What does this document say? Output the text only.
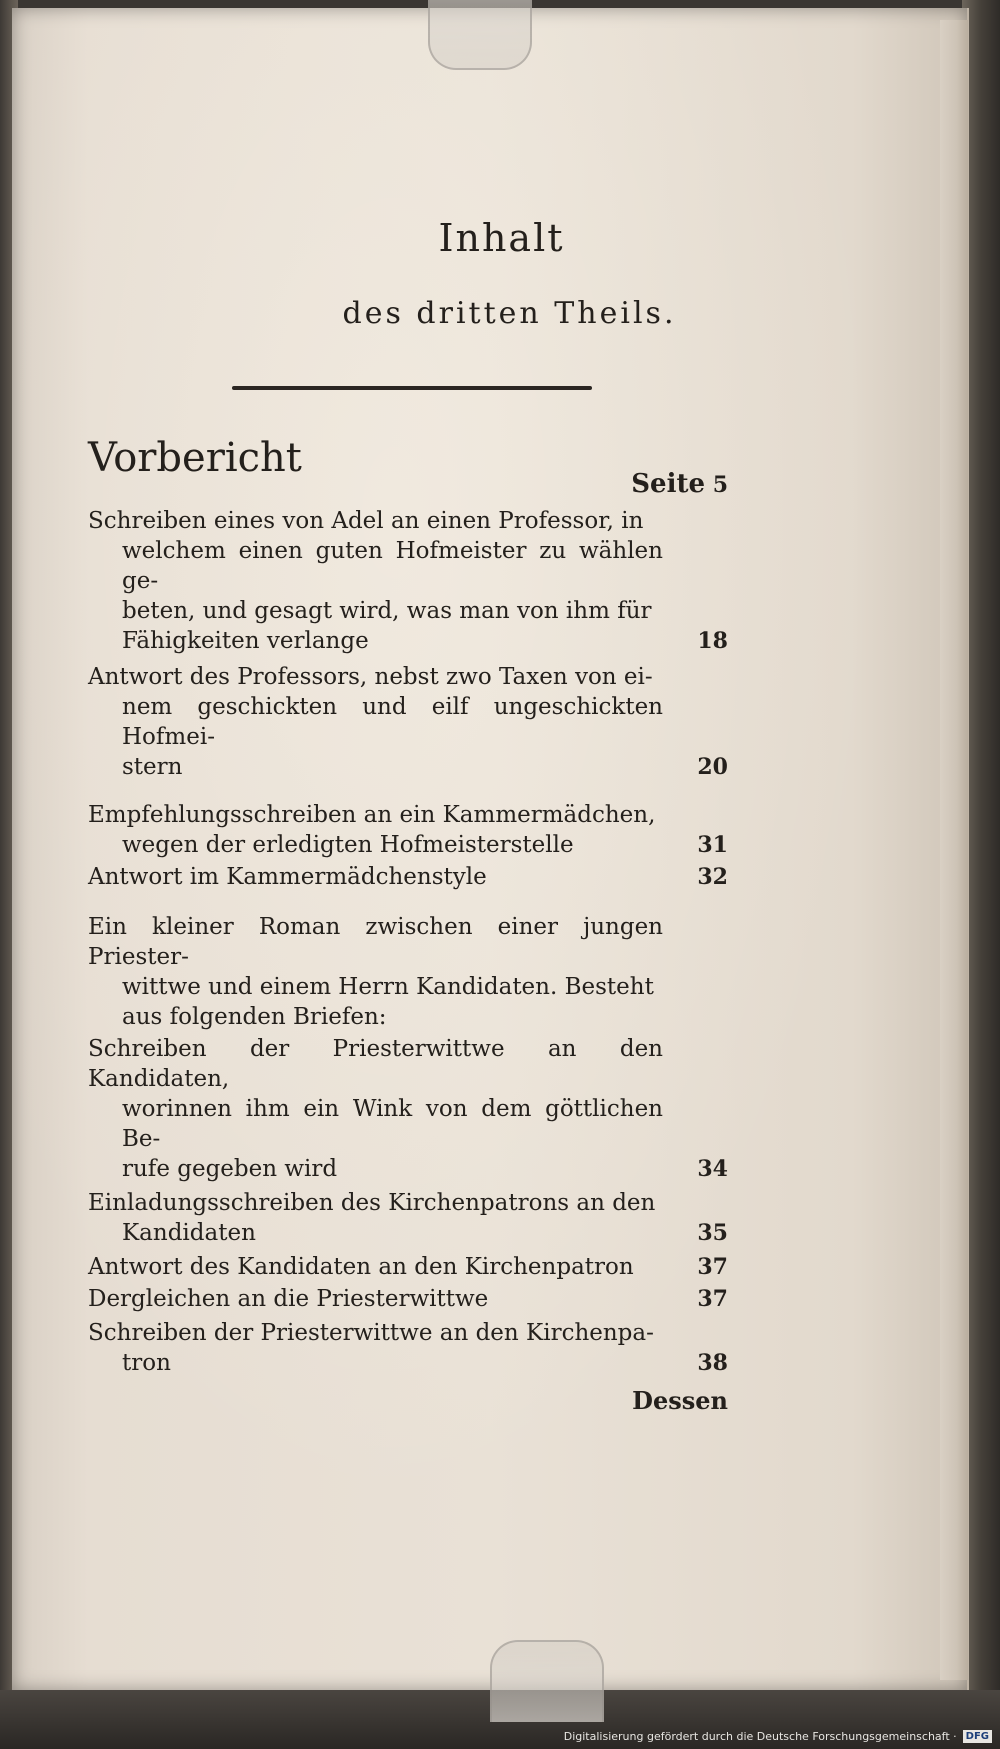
Inhalt
des dritten Theils.
Vorbericht
Seite 5
Schreiben eines von Adel an einen Professor, in
welchem einen guten Hofmeister zu wählen ge-
beten, und gesagt wird, was man von ihm für
Fähigkeiten verlange	18
Antwort des Professors, nebst zwo Taxen von ei-
nem geschickten und eilf ungeschickten Hofmei-
stern	20
Empfehlungsschreiben an ein Kammermädchen,
wegen der erledigten Hofmeisterstelle	31
Antwort im Kammermädchenstyle	32
Ein kleiner Roman zwischen einer jungen Priester-
wittwe und einem Herrn Kandidaten. Besteht
aus folgenden Briefen:
Schreiben der Priesterwittwe an den Kandidaten,
worinnen ihm ein Wink von dem göttlichen Be-
rufe gegeben wird	34
Einladungsschreiben des Kirchenpatrons an den
Kandidaten	35
Antwort des Kandidaten an den Kirchenpatron	37
Dergleichen an die Priesterwittwe	37
Schreiben der Priesterwittwe an den Kirchenpa-
tron	38
Dessen
Digitalisierung gefördert durch die Deutsche Forschungsgemeinschaft · DFG
